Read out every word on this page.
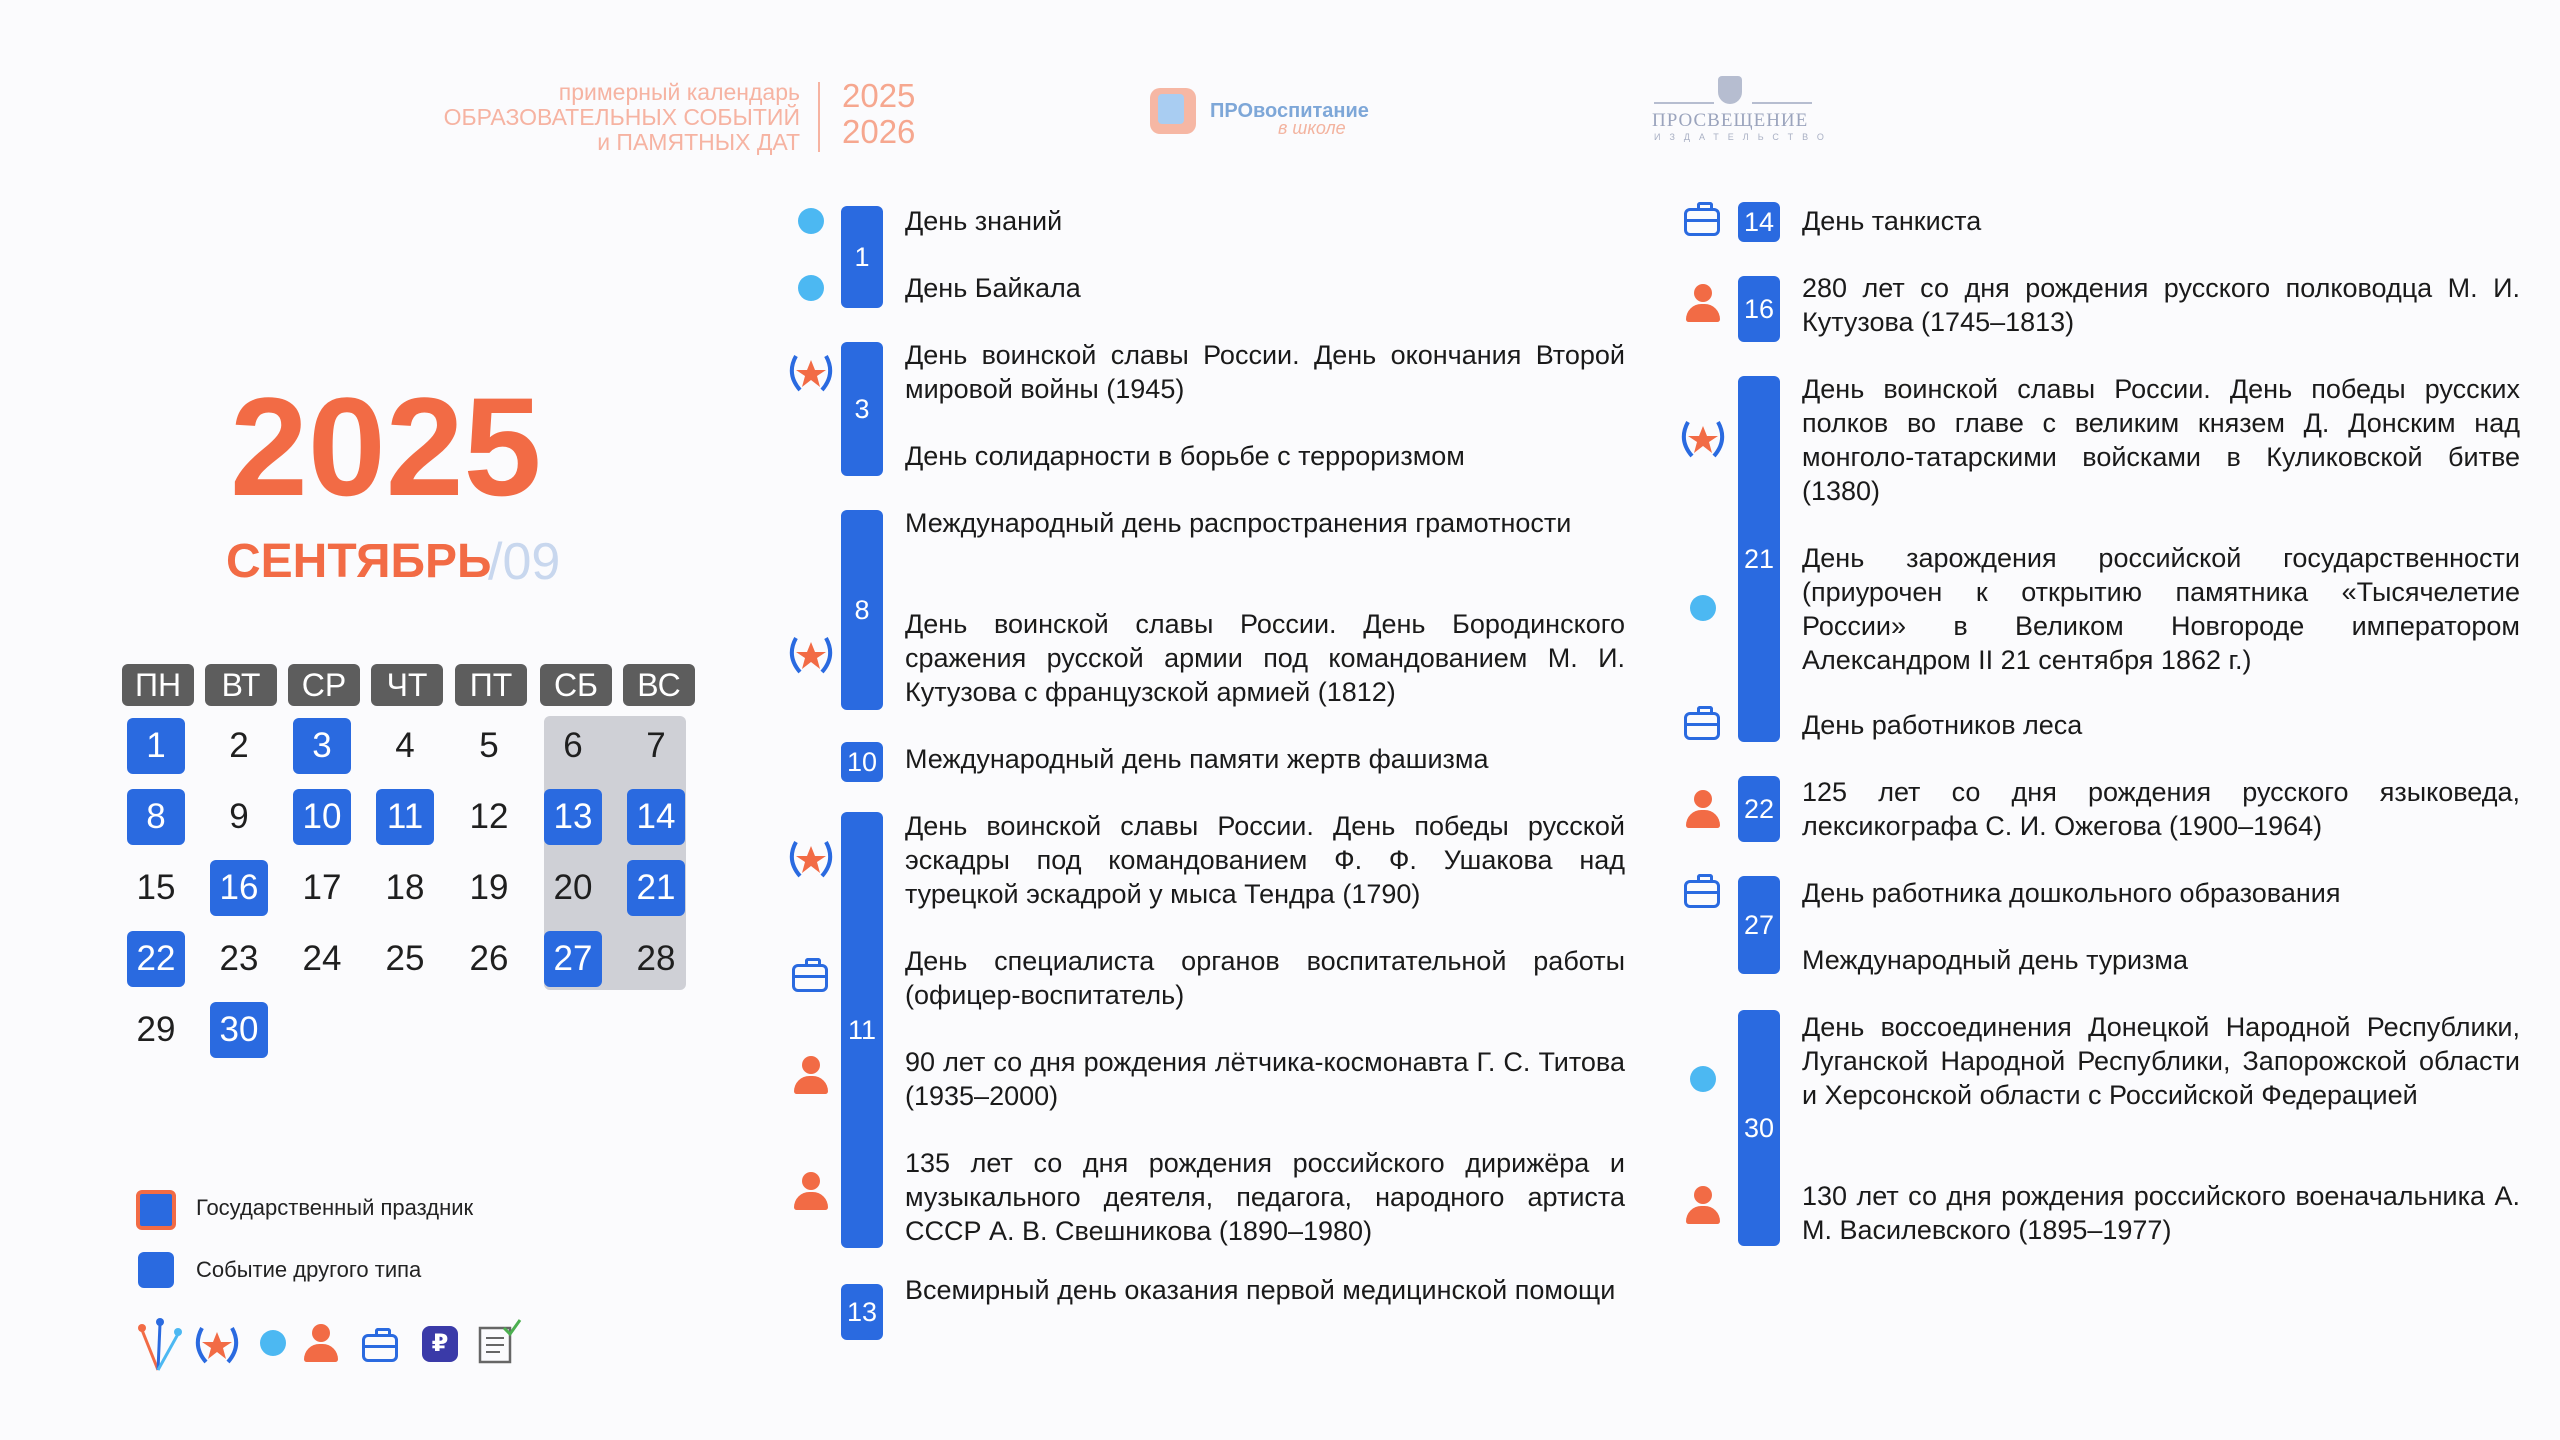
примерный календарь
ОБРАЗОВАТЕЛЬНЫХ СОБЫТИЙ
и ПАМЯТНЫХ ДАТ
2025
2026
ПРОвоспитание
в школе	ПРОСВЕЩЕНИЕ
ИЗДАТЕЛЬСТВО
2025
СЕНТЯБРЬ
/09
ПН	ВТ	СР	ЧТ	ПТ	СБ	ВС
1	2	3	4	5	6	7
8	9	10	11	12 13 14
15 16 17 18 19 20 21
22 23 24 25 26 27 28
29 30
Государственный праздник
Событие другого типа
₽
1
День знаний
День Байкала
3
День воинской славы России. День окончания Второй мировой войны (1945)
День солидарности в борьбе с терроризмом
8
Международный день распространения грамотности
День воинской славы России. День Бородинского сражения русской армии под командованием М. И. Кутузова с французской армией (1812)
10 Международный день памяти жертв фашизма
11
День воинской славы России. День победы русской эскадры под командованием Ф. Ф. Ушакова над турецкой эскадрой у мыса Тендра (1790)
День специалиста органов воспитательной работы (офицер-воспитатель)
90 лет со дня рождения лётчика-космонавта Г. С. Титова (1935–2000)
135 лет со дня рождения российского дирижёра и музыкального деятеля, педагога, народного артиста СССР А. В. Свешникова (1890–1980)
13
Всемирный день оказания первой медицинской помощи
14 День танкиста
16
280 лет со дня рождения русского полководца М. И. Кутузова (1745–1813)
21
День воинской славы России. День победы русских полков во главе с великим князем Д. Донским над монголо-татарскими войсками в Куликовской битве (1380)
День зарождения российской государственности (приурочен к открытию памятника «Тысячелетие России» в Великом Новгороде императором Александром II 21 сентября 1862 г.)
День работников леса
22
125 лет со дня рождения русского языковеда, лексикографа С. И. Ожегова (1900–1964)
27
День работника дошкольного образования
Международный день туризма
30
День воссоединения Донецкой Народной Республики, Луганской Народной Республики, Запорожской области и Херсонской области с Российской Федерацией
130 лет со дня рождения российского военачальника А. М. Василевского (1895–1977)
